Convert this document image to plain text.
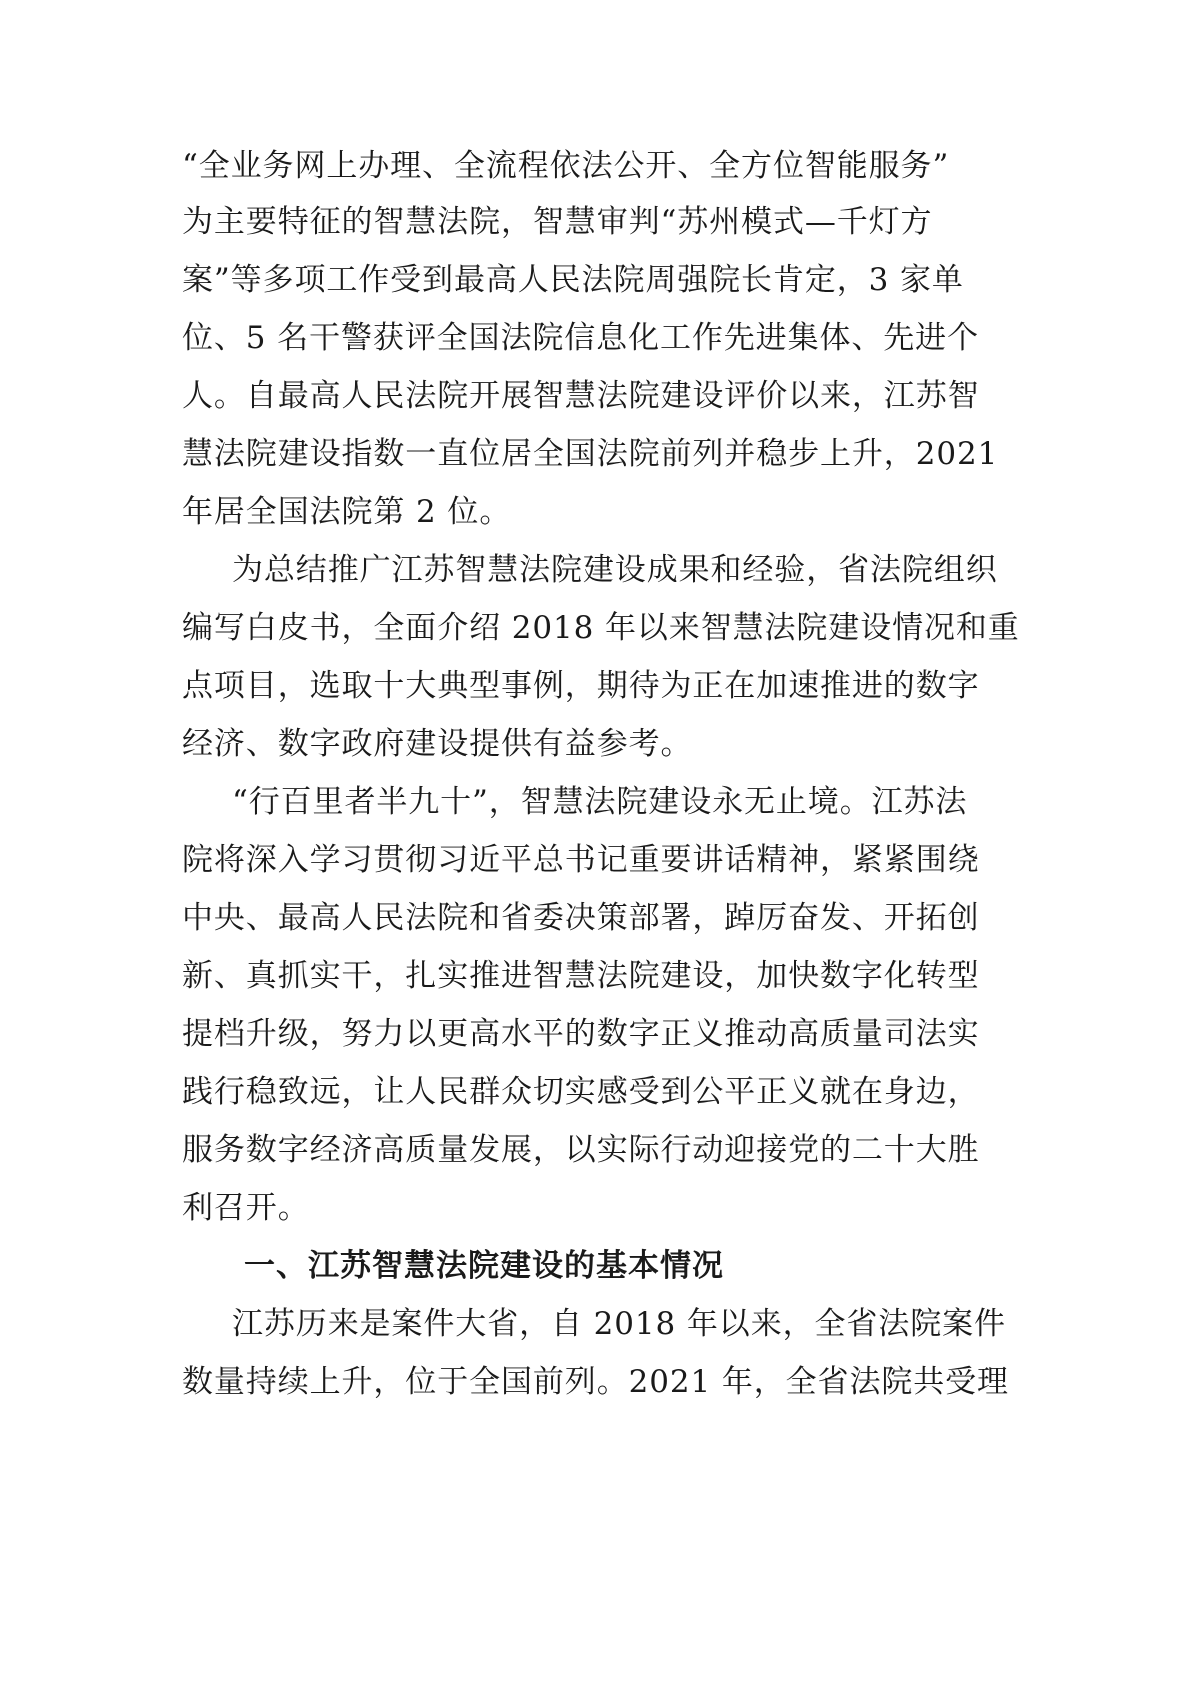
“全业务网上办理、全流程依法公开、全方位智能服务”
为主要特征的智慧法院，智慧审判“苏州模式—千灯方
案”等多项工作受到最高人民法院周强院长肯定，3 家单
位、5 名干警获评全国法院信息化工作先进集体、先进个
人。自最高人民法院开展智慧法院建设评价以来，江苏智
慧法院建设指数一直位居全国法院前列并稳步上升，2021
年居全国法院第 2 位。
为总结推广江苏智慧法院建设成果和经验，省法院组织
编写白皮书，全面介绍 2018 年以来智慧法院建设情况和重
点项目，选取十大典型事例，期待为正在加速推进的数字
经济、数字政府建设提供有益参考。
“行百里者半九十”，智慧法院建设永无止境。江苏法
院将深入学习贯彻习近平总书记重要讲话精神，紧紧围绕
中央、最高人民法院和省委决策部署，踔厉奋发、开拓创
新、真抓实干，扎实推进智慧法院建设，加快数字化转型
提档升级，努力以更高水平的数字正义推动高质量司法实
践行稳致远，让人民群众切实感受到公平正义就在身边，
服务数字经济高质量发展，以实际行动迎接党的二十大胜
利召开。
一、江苏智慧法院建设的基本情况
江苏历来是案件大省，自 2018 年以来，全省法院案件
数量持续上升，位于全国前列。2021 年，全省法院共受理
